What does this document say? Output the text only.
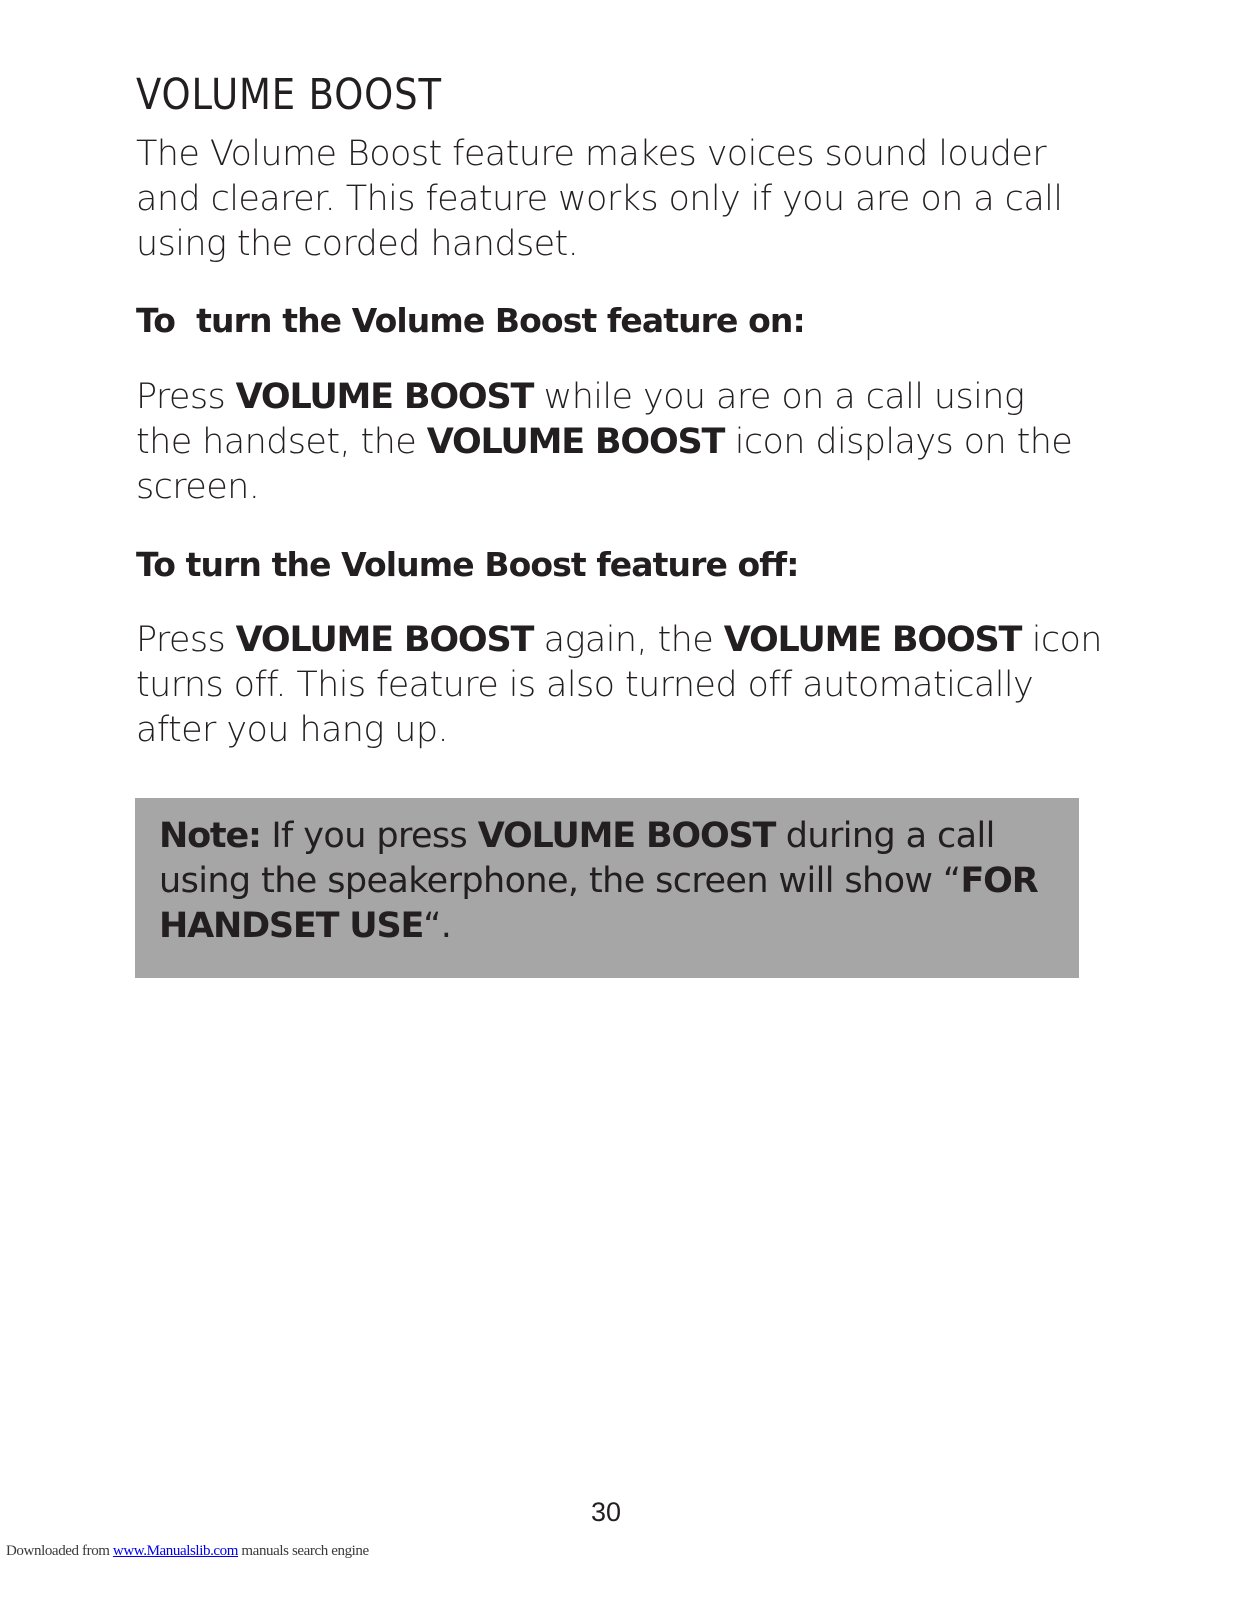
VOLUME BOOST

The Volume Boost feature makes voices sound louder
and clearer. This feature works only if you are on a call
using the corded handset.

To  turn the Volume Boost feature on:

Press VOLUME BOOST while you are on a call using
the handset, the VOLUME BOOST icon displays on the
screen.

To turn the Volume Boost feature off:

Press VOLUME BOOST again, the VOLUME BOOST icon
turns off. This feature is also turned off automatically
after you hang up.

Note: If you press VOLUME BOOST during a call
using the speakerphone, the screen will show “FOR
HANDSET USE“.

30
Downloaded from www.Manualslib.com manuals search engine
